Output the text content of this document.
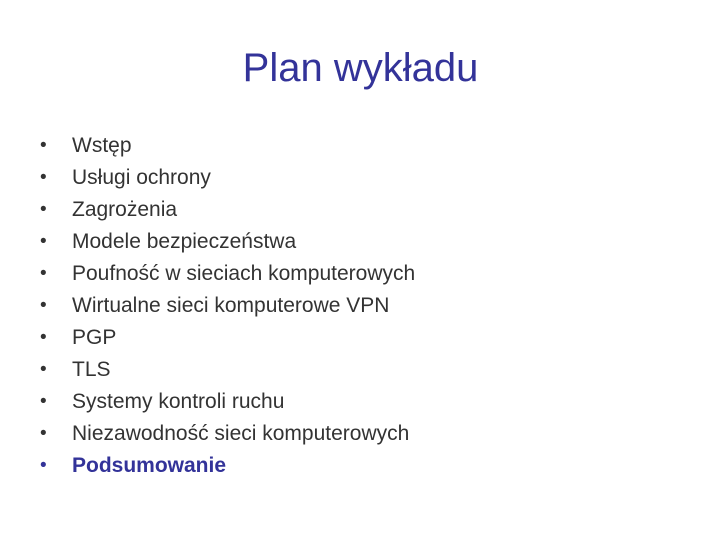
Plan wykładu
•	Wstęp
•	Usługi ochrony
•	Zagrożenia
•	Modele bezpieczeństwa
•	Poufność w sieciach komputerowych
•	Wirtualne sieci komputerowe VPN
•	PGP
•	TLS
•	Systemy kontroli ruchu
•	Niezawodność sieci komputerowych
•	Podsumowanie
